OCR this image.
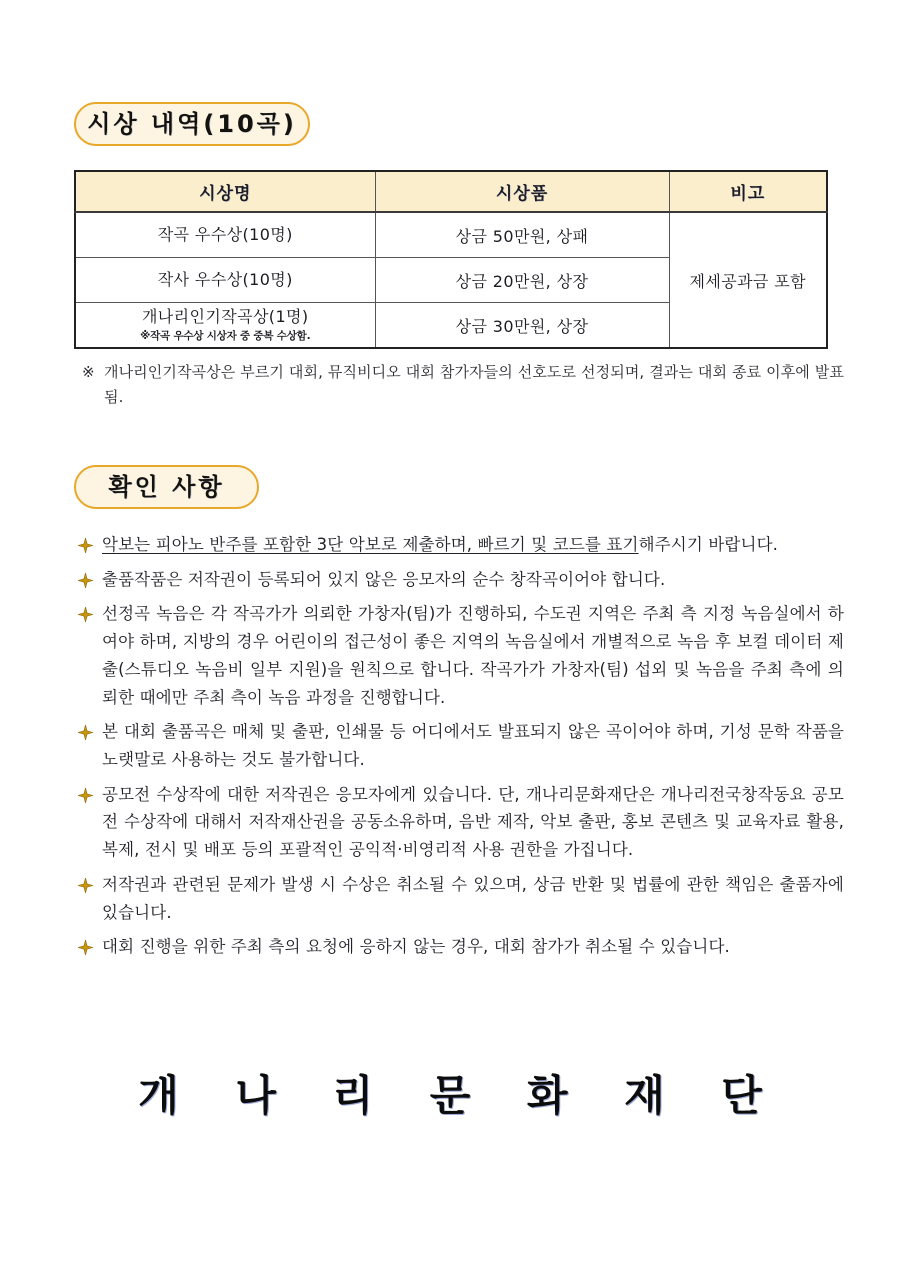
시상 내역(10곡)
시상명	시상품	비고

작곡 우수상(10명)	상금 50만원, 상패	제세공과금 포함

작사 우수상(10명)	상금 20만원, 상장	

개나리인기작곡상(1명)
※작곡 우수상 시상자 중 중복 수상함.	상금 30만원, 상장	
※ 개나리인기작곡상은 부르기 대회, 뮤직비디오 대회 참가자들의 선호도로 선정되며, 결과는 대회 종료 이후에 발표됨.
확인 사항
악보는 피아노 반주를 포함한 3단 악보로 제출하며, 빠르기 및 코드를 표기해주시기 바랍니다.
출품작품은 저작권이 등록되어 있지 않은 응모자의 순수 창작곡이어야 합니다.
선정곡 녹음은 각 작곡가가 의뢰한 가창자(팀)가 진행하되, 수도권 지역은 주최 측 지정 녹음실에서 하여야 하며, 지방의 경우 어린이의 접근성이 좋은 지역의 녹음실에서 개별적으로 녹음 후 보컬 데이터 제출(스튜디오 녹음비 일부 지원)을 원칙으로 합니다. 작곡가가 가창자(팀) 섭외 및 녹음을 주최 측에 의뢰한 때에만 주최 측이 녹음 과정을 진행합니다.
본 대회 출품곡은 매체 및 출판, 인쇄물 등 어디에서도 발표되지 않은 곡이어야 하며, 기성 문학 작품을 노랫말로 사용하는 것도 불가합니다.
공모전 수상작에 대한 저작권은 응모자에게 있습니다. 단, 개나리문화재단은 개나리전국창작동요 공모전 수상작에 대해서 저작재산권을 공동소유하며, 음반 제작, 악보 출판, 홍보 콘텐츠 및 교육자료 활용, 복제, 전시 및 배포 등의 포괄적인 공익적·비영리적 사용 권한을 가집니다.
저작권과 관련된 문제가 발생 시 수상은 취소될 수 있으며, 상금 반환 및 법률에 관한 책임은 출품자에 있습니다.
대회 진행을 위한 주최 측의 요청에 응하지 않는 경우, 대회 참가가 취소될 수 있습니다.
개 나 리 문 화 재 단
